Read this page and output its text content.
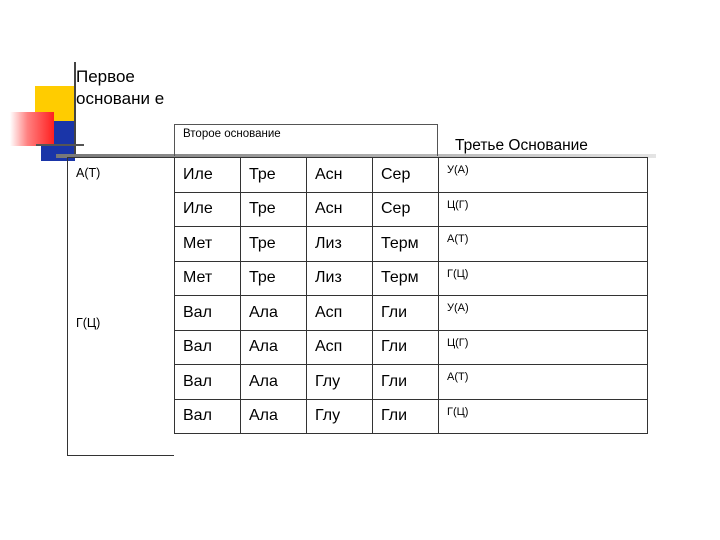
Первое основани е
Второе основание
Третье Основание
А(Т)
Г(Ц)
Иле	Тре	Асн	Сер	У(А)
Иле	Тре	Асн	Сер	Ц(Г)
Мет	Тре	Лиз	Терм	А(Т)
Мет	Тре	Лиз	Терм	Г(Ц)
Вал	Ала	Асп	Гли	У(А)
Вал	Ала	Асп	Гли	Ц(Г)
Вал	Ала	Глу	Гли	А(Т)
Вал	Ала	Глу	Гли	Г(Ц)
